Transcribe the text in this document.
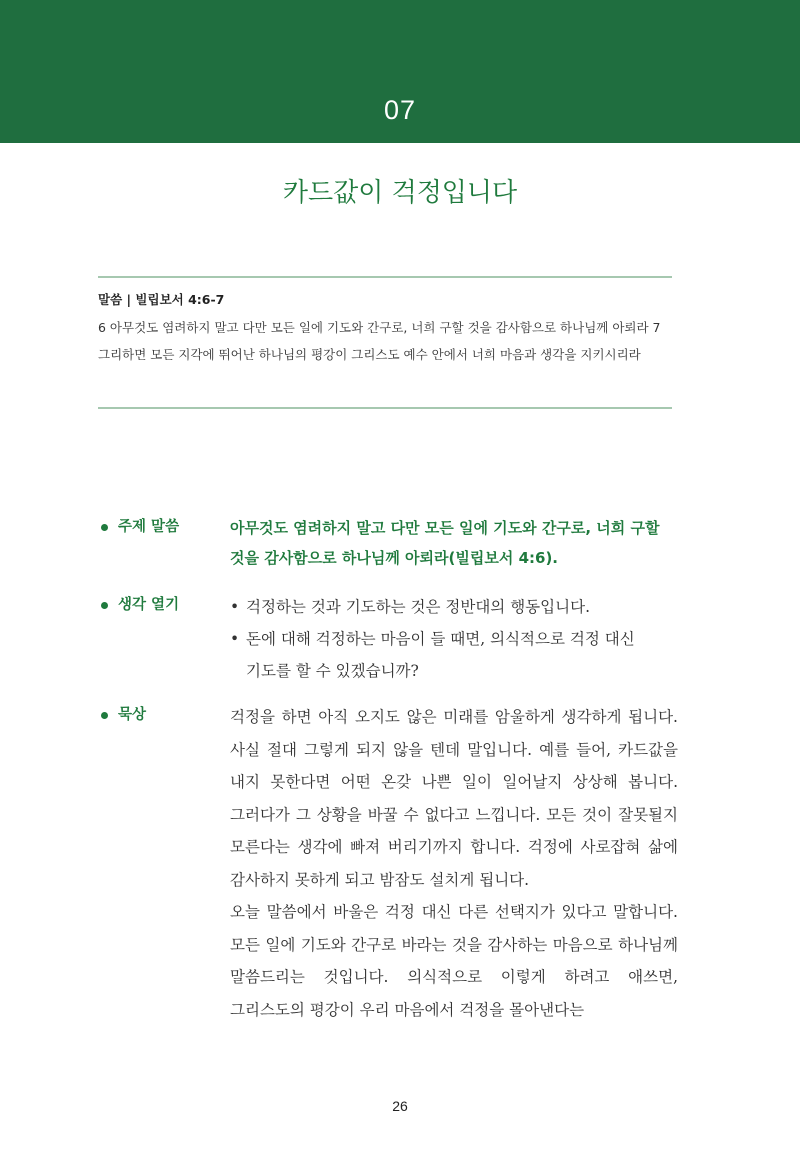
07
카드값이 걱정입니다
말씀 | 빌립보서 4:6-7
6 아무것도 염려하지 말고 다만 모든 일에 기도와 간구로, 너희 구할 것을 감사함으로 하나님께 아뢰라 7 그리하면 모든 지각에 뛰어난 하나님의 평강이 그리스도 예수 안에서 너희 마음과 생각을 지키시리라
주제 말씀	아무것도 염려하지 말고 다만 모든 일에 기도와 간구로, 너희 구할 것을 감사함으로 하나님께 아뢰라(빌립보서 4:6).
생각 열기	• 걱정하는 것과 기도하는 것은 정반대의 행동입니다.
• 돈에 대해 걱정하는 마음이 들 때면, 의식적으로 걱정 대신 기도를 할 수 있겠습니까?
묵상	걱정을 하면 아직 오지도 않은 미래를 암울하게 생각하게 됩니다. 사실 절대 그렇게 되지 않을 텐데 말입니다. 예를 들어, 카드값을 내지 못한다면 어떤 온갖 나쁜 일이 일어날지 상상해 봅니다. 그러다가 그 상황을 바꿀 수 없다고 느낍니다. 모든 것이 잘못될지 모른다는 생각에 빠져 버리기까지 합니다. 걱정에 사로잡혀 삶에 감사하지 못하게 되고 밤잠도 설치게 됩니다.

오늘 말씀에서 바울은 걱정 대신 다른 선택지가 있다고 말합니다. 모든 일에 기도와 간구로 바라는 것을 감사하는 마음으로 하나님께 말씀드리는 것입니다. 의식적으로 이렇게 하려고 애쓰면, 그리스도의 평강이 우리 마음에서 걱정을 몰아낸다는

26
